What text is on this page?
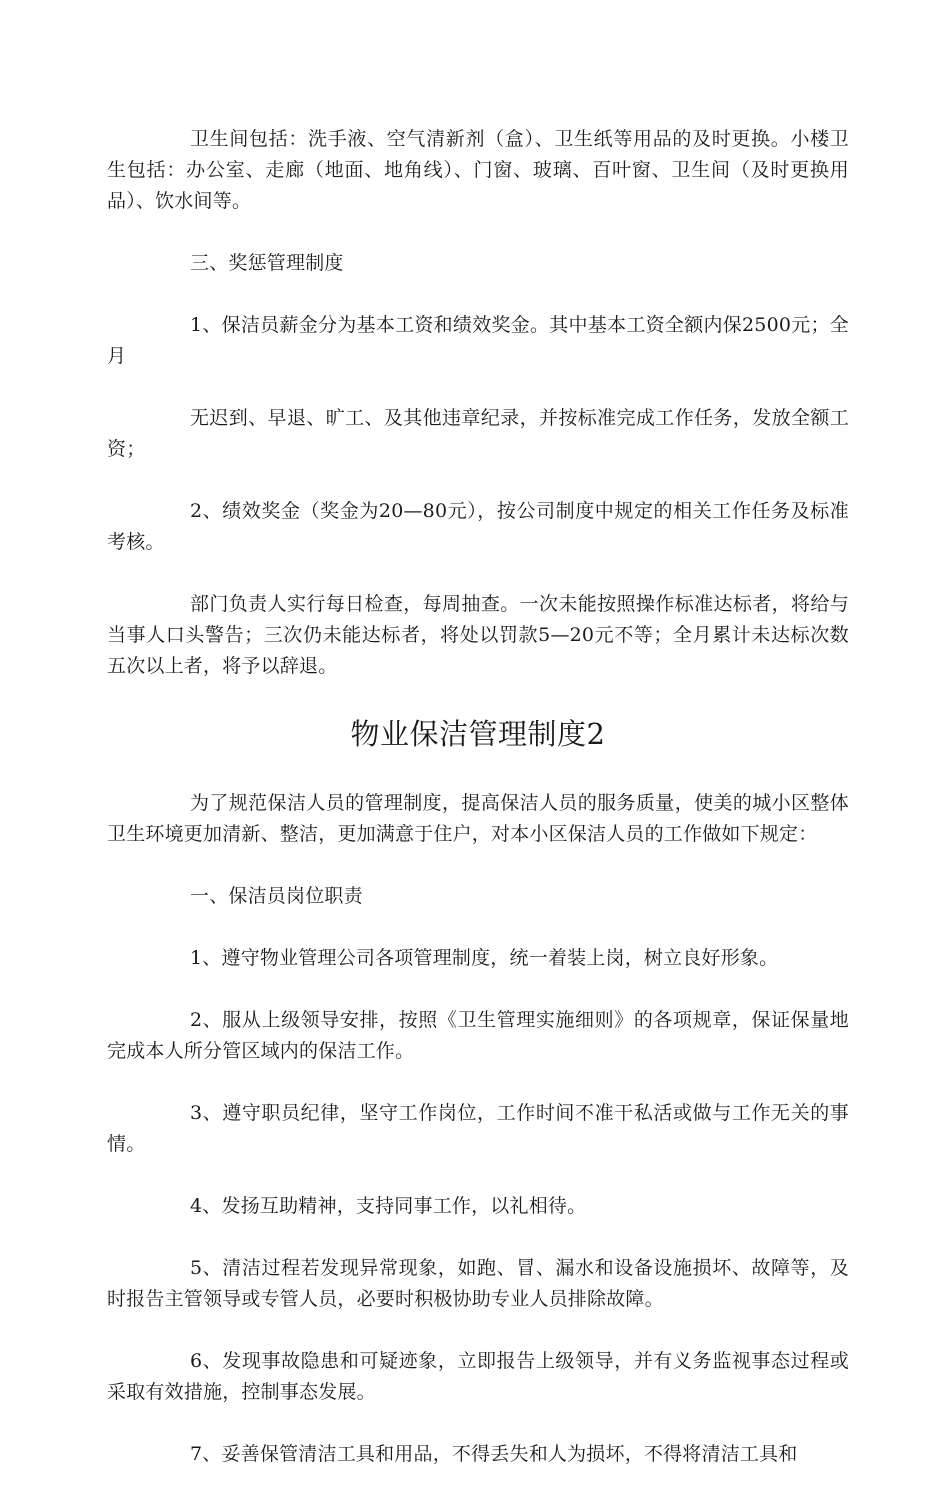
卫生间包括：洗手液、空气清新剂（盒）、卫生纸等用品的及时更换。小楼卫生包括：办公室、走廊（地面、地角线）、门窗、玻璃、百叶窗、卫生间（及时更换用品）、饮水间等。

三、奖惩管理制度

1、保洁员薪金分为基本工资和绩效奖金。其中基本工资全额内保2500元；全月

无迟到、早退、旷工、及其他违章纪录，并按标准完成工作任务，发放全额工资；

2、绩效奖金（奖金为20—80元），按公司制度中规定的相关工作任务及标准考核。

部门负责人实行每日检查，每周抽查。一次未能按照操作标准达标者，将给与当事人口头警告；三次仍未能达标者，将处以罚款5—20元不等；全月累计未达标次数五次以上者，将予以辞退。

物业保洁管理制度2

为了规范保洁人员的管理制度，提高保洁人员的服务质量，使美的城小区整体卫生环境更加清新、整洁，更加满意于住户，对本小区保洁人员的工作做如下规定：

一、保洁员岗位职责

1、遵守物业管理公司各项管理制度，统一着装上岗，树立良好形象。

2、服从上级领导安排，按照《卫生管理实施细则》的各项规章，保证保量地完成本人所分管区域内的保洁工作。

3、遵守职员纪律，坚守工作岗位，工作时间不准干私活或做与工作无关的事情。

4、发扬互助精神，支持同事工作，以礼相待。

5、清洁过程若发现异常现象，如跑、冒、漏水和设备设施损坏、故障等，及时报告主管领导或专管人员，必要时积极协助专业人员排除故障。

6、发现事故隐患和可疑迹象，立即报告上级领导，并有义务监视事态过程或采取有效措施，控制事态发展。

7、妥善保管清洁工具和用品，不得丢失和人为损坏，不得将清洁工具和
